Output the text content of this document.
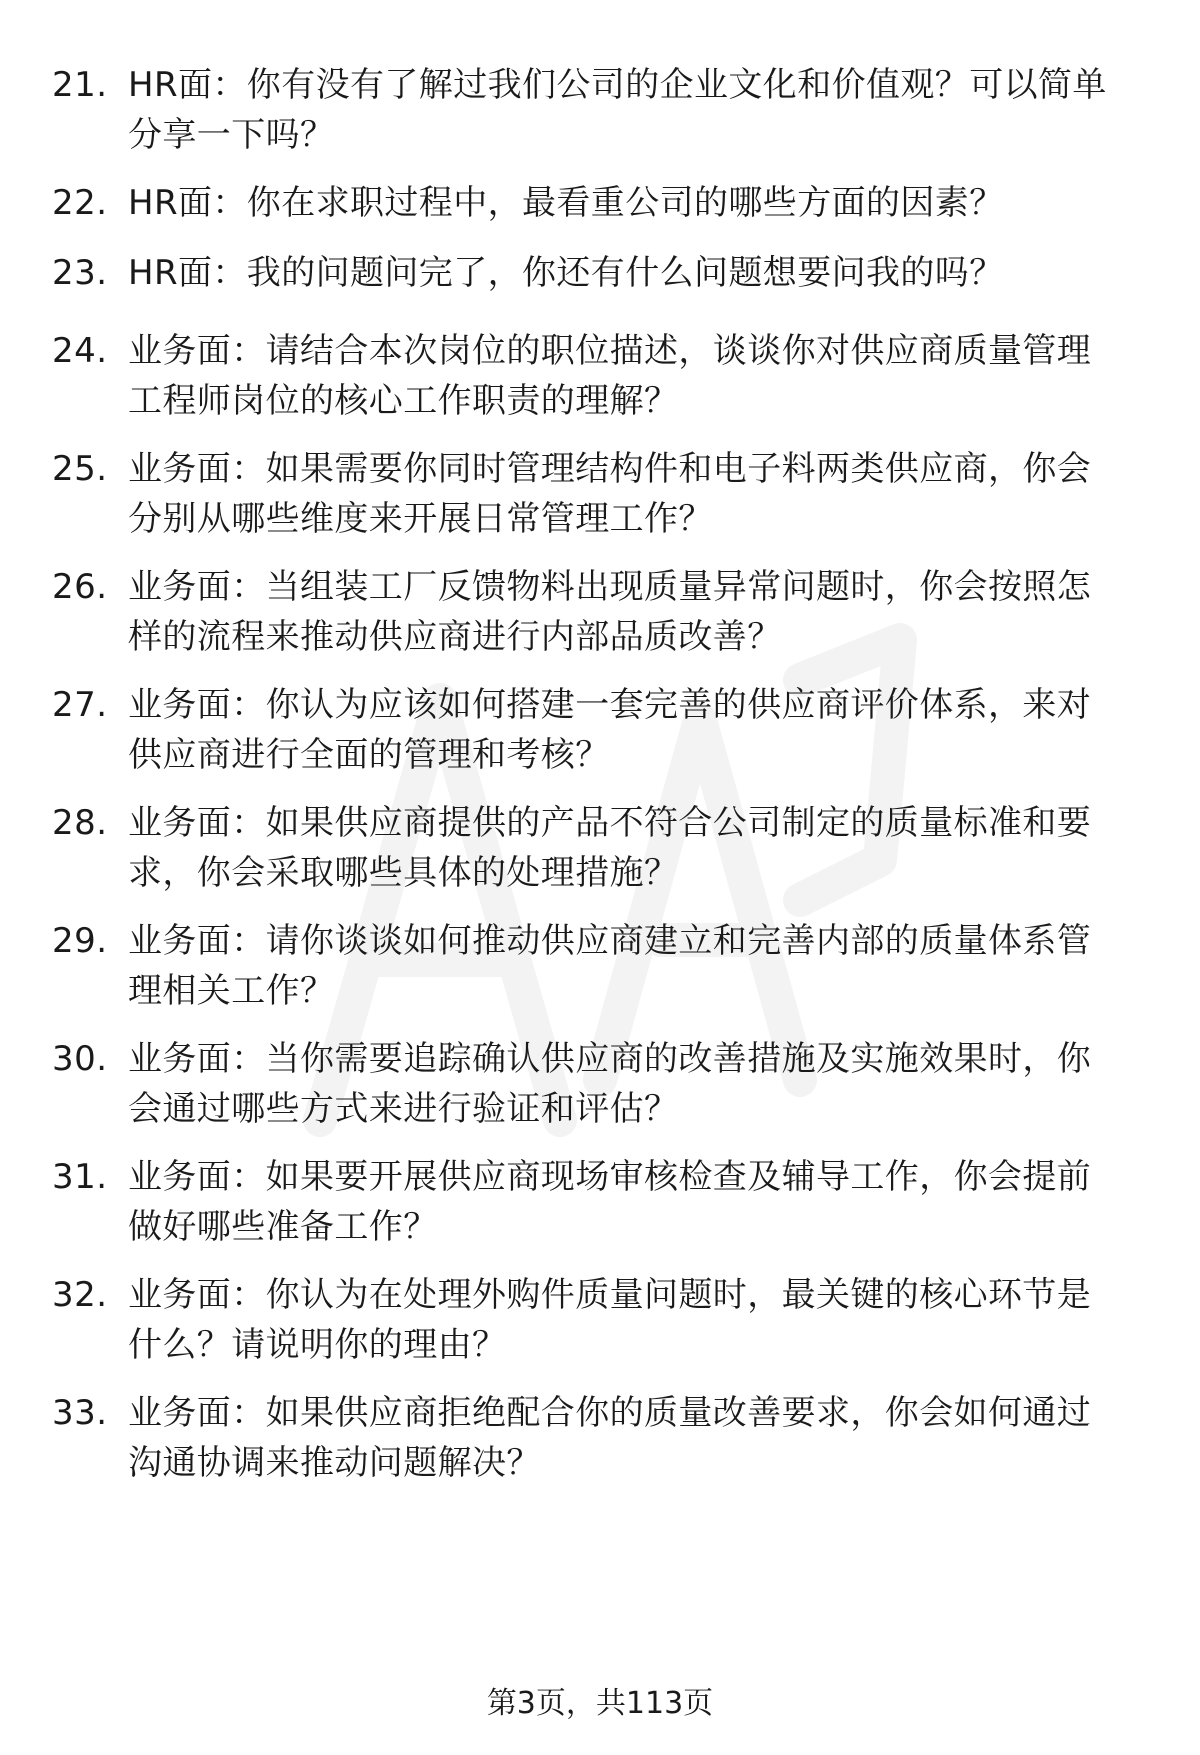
21. HR面：你有没有了解过我们公司的企业文化和价值观？可以简单
分享一下吗？
22. HR面：你在求职过程中，最看重公司的哪些方面的因素？
23. HR面：我的问题问完了，你还有什么问题想要问我的吗？
24. 业务面：请结合本次岗位的职位描述，谈谈你对供应商质量管理
工程师岗位的核心工作职责的理解？
25. 业务面：如果需要你同时管理结构件和电子料两类供应商，你会
分别从哪些维度来开展日常管理工作？
26. 业务面：当组装工厂反馈物料出现质量异常问题时，你会按照怎
样的流程来推动供应商进行内部品质改善？
27. 业务面：你认为应该如何搭建一套完善的供应商评价体系，来对
供应商进行全面的管理和考核？
28. 业务面：如果供应商提供的产品不符合公司制定的质量标准和要
求，你会采取哪些具体的处理措施？
29. 业务面：请你谈谈如何推动供应商建立和完善内部的质量体系管
理相关工作？
30. 业务面：当你需要追踪确认供应商的改善措施及实施效果时，你
会通过哪些方式来进行验证和评估？
31. 业务面：如果要开展供应商现场审核检查及辅导工作，你会提前
做好哪些准备工作？
32. 业务面：你认为在处理外购件质量问题时，最关键的核心环节是
什么？请说明你的理由？
33. 业务面：如果供应商拒绝配合你的质量改善要求，你会如何通过
沟通协调来推动问题解决？
第3页，共113页
